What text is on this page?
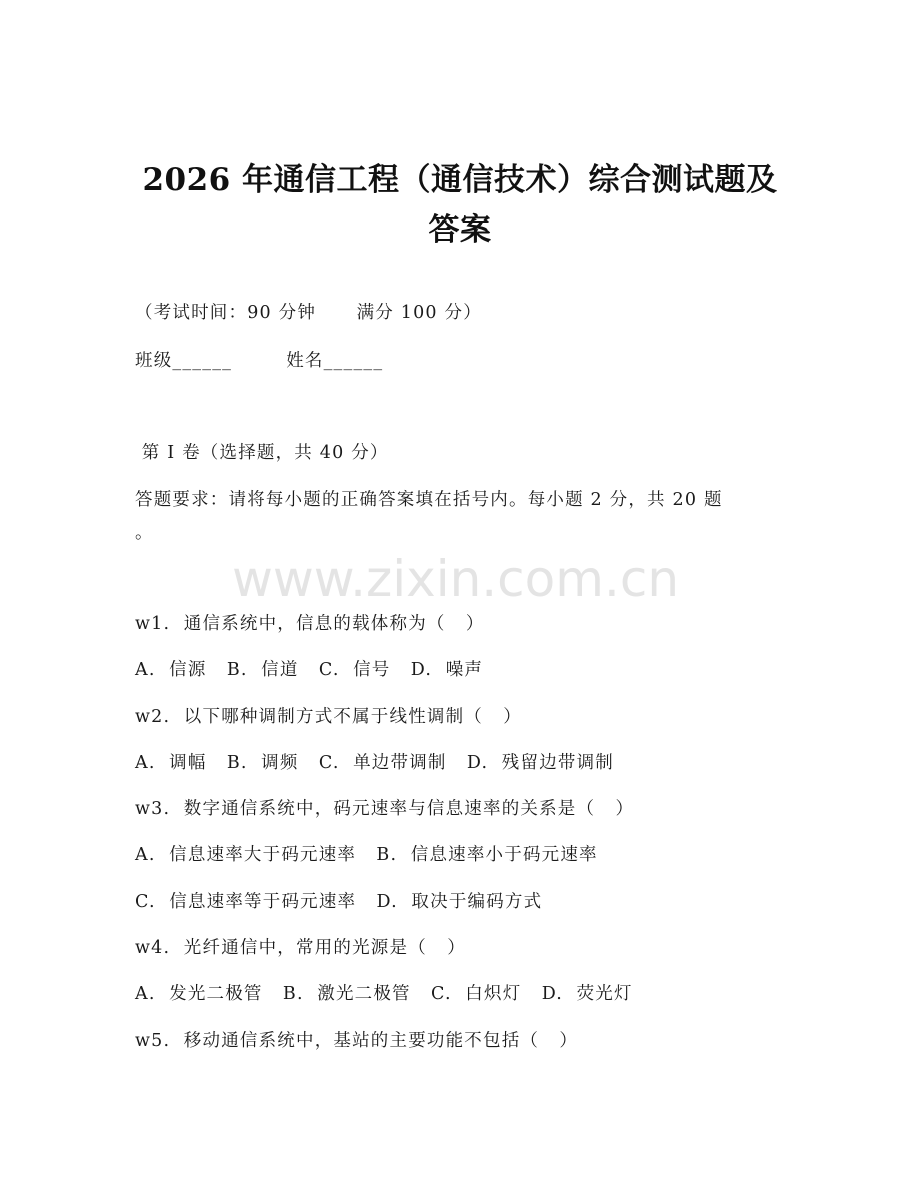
2026 年通信工程（通信技术）综合测试题及
答案
（考试时间：90 分钟      满分 100 分）
班级______        姓名______
第 I 卷（选择题，共 40 分）
答题要求：请将每小题的正确答案填在括号内。每小题 2 分，共 20 题
。
www.zixin.com.cn
w1.  通信系统中，信息的载体称为（   ）
A.  信源   B.  信道   C.  信号   D.  噪声
w2.  以下哪种调制方式不属于线性调制（   ）
A.  调幅   B.  调频   C.  单边带调制   D.  残留边带调制
w3.  数字通信系统中，码元速率与信息速率的关系是（   ）
A.  信息速率大于码元速率   B.  信息速率小于码元速率
C.  信息速率等于码元速率   D.  取决于编码方式
w4.  光纤通信中，常用的光源是（   ）
A.  发光二极管   B.  激光二极管   C.  白炽灯   D.  荧光灯
w5.  移动通信系统中，基站的主要功能不包括（   ）
